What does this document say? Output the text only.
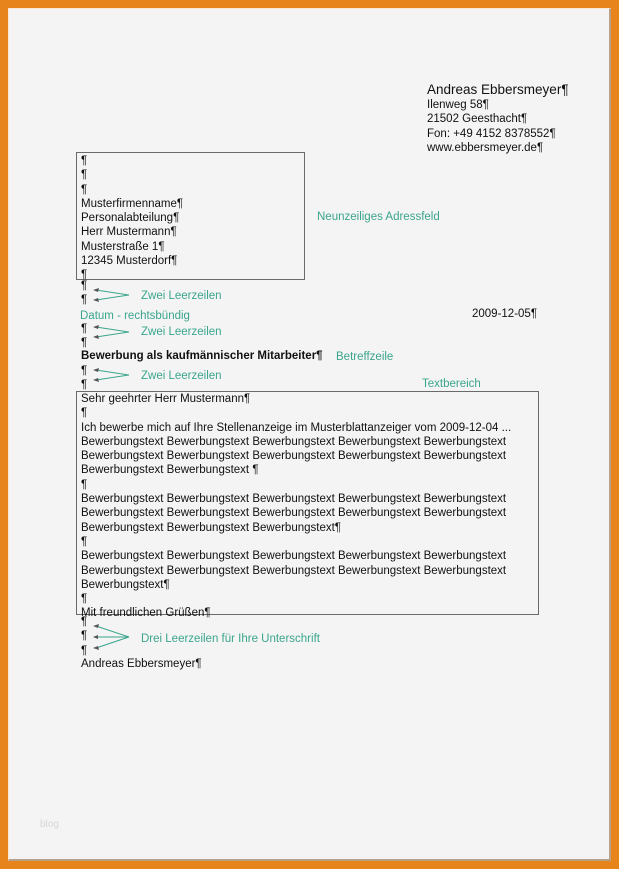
Andreas Ebbersmeyer¶
Ilenweg 58¶
21502 Geesthacht¶
Fon: +49 4152 8378552¶
www.ebbersmeyer.de¶
¶
¶
¶
Musterfirmenname¶
Personalabteilung¶
Herr Mustermann¶
Musterstraße 1¶
12345 Musterdorf¶
¶
Neunzeiliges Adressfeld
¶
¶	Zwei Leerzeilen
Datum - rechtsbündig	2009-12-05¶
¶
¶
Zwei Leerzeilen
Bewerbung als kaufmännischer Mitarbeiter¶ Betreffzeile
¶
¶
Zwei Leerzeilen
Textbereich
Sehr geehrter Herr Mustermann¶
¶
Ich bewerbe mich auf Ihre Stellenanzeige im Musterblattanzeiger vom 2009-12-04 ...
Bewerbungstext Bewerbungstext Bewerbungstext Bewerbungstext Bewerbungstext
Bewerbungstext Bewerbungstext Bewerbungstext Bewerbungstext Bewerbungstext
Bewerbungstext Bewerbungstext ¶
¶
Bewerbungstext Bewerbungstext Bewerbungstext Bewerbungstext Bewerbungstext
Bewerbungstext Bewerbungstext Bewerbungstext Bewerbungstext Bewerbungstext
Bewerbungstext Bewerbungstext Bewerbungstext¶
¶
Bewerbungstext Bewerbungstext Bewerbungstext Bewerbungstext Bewerbungstext
Bewerbungstext Bewerbungstext Bewerbungstext Bewerbungstext Bewerbungstext
Bewerbungstext¶
¶
Mit freundlichen Grüßen¶
¶
¶
¶
Drei Leerzeilen für Ihre Unterschrift
Andreas Ebbersmeyer¶
blog
